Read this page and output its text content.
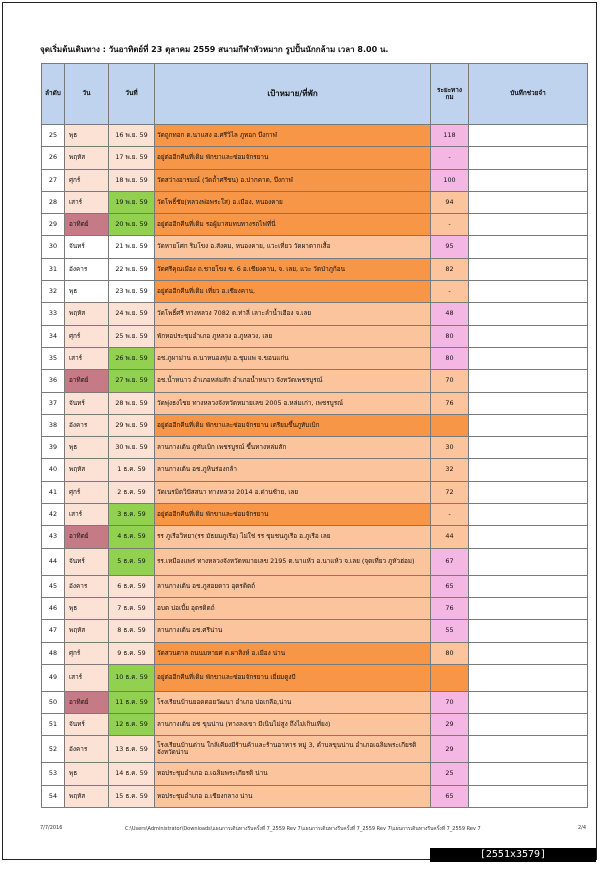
จุดเริ่มต้นเดินทาง : วันอาทิตย์ที่ 23 ตุลาคม 2559 สนามกีฬาหัวหมาก รูปปั้นนักกล้าม เวลา 8.00 น.
ลำดับ	วัน	วันที่	เป้าหมาย/ที่พัก	ระยะทาง
กม	บันทึกช่วยจำ
25	พุธ	16 พ.ย. 59	วัดถูกทอก ต.นาแสง อ.ศรีวิไล ภูทอก บึงกาฬ	118	
26	พฤหัส	17 พ.ย. 59	อยู่ต่ออีกคืนที่เดิม พักขาและซ่อมจักรยาน	-	
27	ศุกร์	18 พ.ย. 59	วัดสว่างอารมณ์ (วัดถ้ำศรีชน) อ.ปากคาด, บึงกาฬ	100	
28	เสาร์	19 พ.ย. 59	วัดโพธิ์ชัย(หลวงพ่อพระใส) อ.เมือง, หนองคาย	94	
29	อาทิตย์	20 พ.ย. 59	อยู่ต่ออีกคืนที่เดิม รอผู้มาสมทบทางรถไฟที่นี่	-	
30	จันทร์	21 พ.ย. 59	วัดหายโศก ริมโขง อ.สังคม, หนองคาย, แวะเที่ยว วัดผาตากเสื้อ	95	
31	อังคาร	22 พ.ย. 59	วัดศรีคุณเมือง ถ.ชายโขง ซ. 6 อ.เชียงคาน, จ. เลย, แวะ วัดป่าภูก้อน	82	
32	พุธ	23 พ.ย. 59	อยู่ต่ออีกคืนที่เดิม เที่ยว อ.เชียงคาน,	-	
33	พฤหัส	24 พ.ย. 59	วัดโพธิ์ศรี ทางหลวง 7082 ต.ท่าลี่ เลาะลำน้ำเฮือง จ.เลย	48	
34	ศุกร์	25 พ.ย. 59	พักหอประชุมอำเภอ ภูหลวง อ.ภูหลวง, เลย	80	
35	เสาร์	26 พ.ย. 59	อช.ภูผาม่าน ต.นาหนองทุ่ม อ.ชุมแพ จ.ขอนแก่น	80	
36	อาทิตย์	27 พ.ย. 59	อช.น้ำหนาว อำเภอหล่มสัก อำเภอน้ำหนาว จังหวัดเพชรบูรณ์	70	
37	จันทร์	28 พ.ย. 59	วัดพุ่งธงไชย ทางหลวงจังหวัดหมายเลข 2005 อ.หล่มเก่า, เพชรบูรณ์	76	
38	อังคาร	29 พ.ย. 59	อยู่ต่ออีกคืนที่เดิม พักขาและซ่อมจักรยาน เตรียมขึ้นภูทับเบิก		
39	พุธ	30 พ.ย. 59	ลานกางเต้น ภูทับเบิก เพชรบูรณ์ ขึ้นทางหล่มสัก	30	
40	พฤหัส	1 ธ.ค. 59	ลานกางเต้น อช.ภูหินร่องกล้า	32	
41	ศุกร์	2 ธ.ค. 59	วัดเนรมิตวิปัสสนา ทางหลวง 2014 อ.ด่านซ้าย, เลย	72	
42	เสาร์	3 ธ.ค. 59	อยู่ต่ออีกคืนที่เดิม พักขาและซ่อมจักรยาน	-	
43	อาทิตย์	4 ธ.ค. 59	รร ภูเรือวิทยา(รร มัธยมภูเรือ) ไม่ใช่ รร ชุมชนภูเรือ อ.ภูเรือ เลย	44	
44	จันทร์	5 ธ.ค. 59	รร.เหมืองแพร่ ทางหลวงจังหวัดหมายเลข 2195 ต.นาแห้ว อ.นาแห้ว จ.เลย (จุดเที่ยว ภูหัวฮ่อม)	67	
45	อังคาร	6 ธ.ค. 59	ลานกางเต้น อช.ภูสอยดาว อุตรดิตถ์	65	
46	พุธ	7 ธ.ค. 59	อบต บ่อเบี้ย อุตรดิตถ์	76	
47	พฤหัส	8 ธ.ค. 59	ลานกางเต้น อช.ศรีน่าน	55	
48	ศุกร์	9 ธ.ค. 59	วัดสวนตาล ถนนมหายศ ต.ผาสิงห์ อ.เมือง น่าน	80	
49	เสาร์	10 ธ.ค. 59	อยู่ต่ออีกคืนที่เดิม พักขาและซ่อมจักรยาน เยี่ยมดูงบี		
50	อาทิตย์	11 ธ.ค. 59	โรงเรียนบ้านยอดดอยวัฒนา อำเภอ บ่อเกลือ,น่าน	70	
51	จันทร์	12 ธ.ค. 59	ลานกางเต้น อช ขุนน่าน (ทางลงเขา มีเนินไม่สูง ถึงไม่เกินเที่ยง)	29	
52	อังคาร	13 ธ.ค. 59	โรงเรียนบ้านด่าน ใกล้เคียงมีร้านค้าและร้านอาหาร หมู่ 3, ตำบลขุนน่าน อำเภอเฉลิมพระเกียรติ จังหวัดน่าน	29	
53	พุธ	14 ธ.ค. 59	หอประชุมอำเภอ อ.เฉลิมพระเกียรติ น่าน	25	
54	พฤหัส	15 ธ.ค. 59	หอประชุมอำเภอ อ.เชียงกลาง น่าน	65	
7/7/2016	C:\Users\Administrator\Downloads\แผนการเดินทางรีบครั้งที่ 7_2559 Rev 7\แผนการเดินทางรีบครั้งที่ 7_2559 Rev 7\แผนการเดินทางรีบครั้งที่ 7_2559 Rev 7	2/4
[2551x3579] https://upic.me/
